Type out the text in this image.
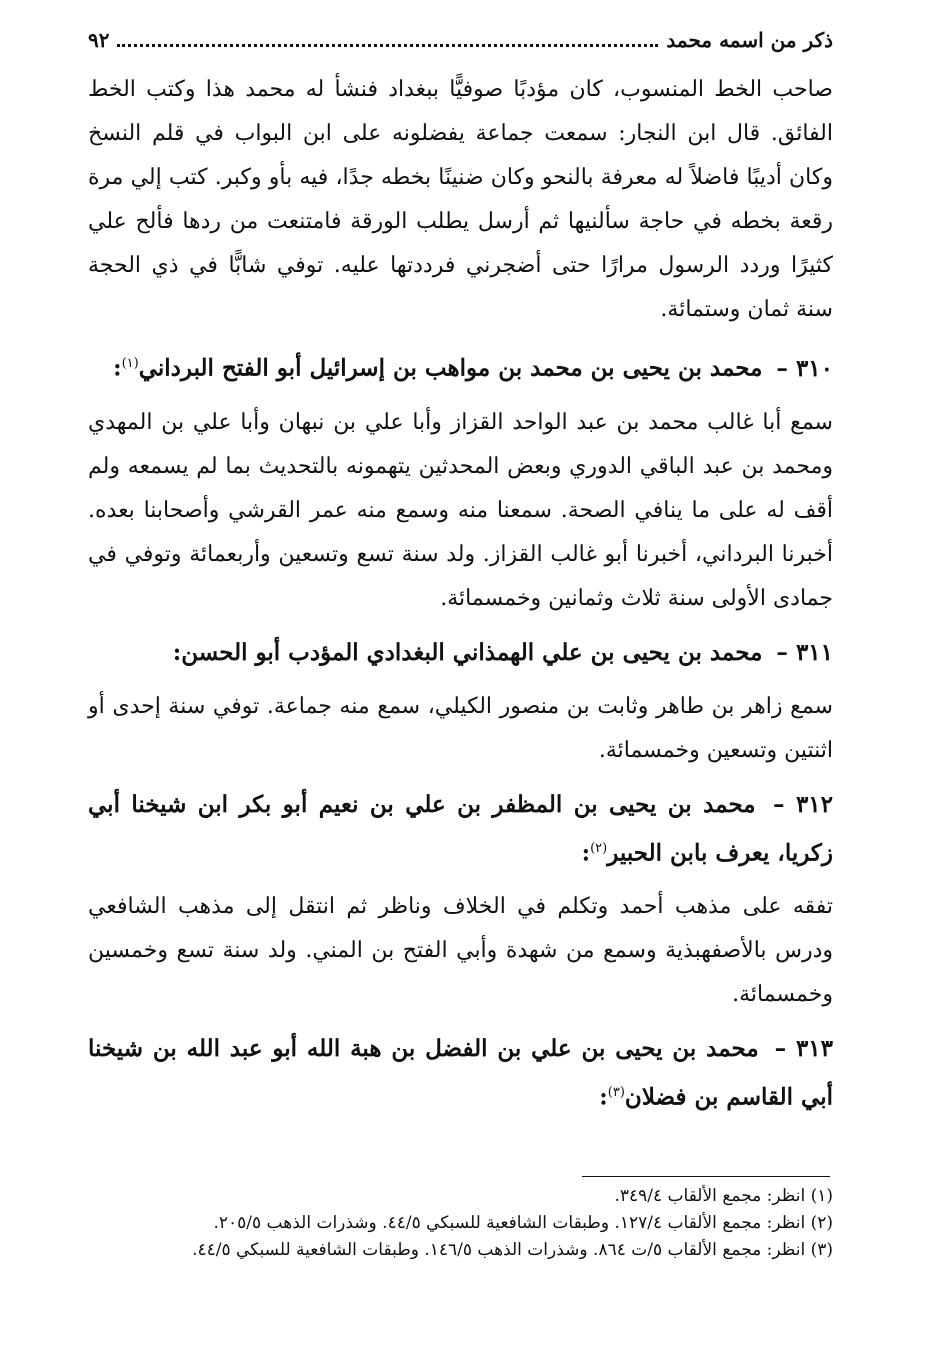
ذكر من اسمه محمد
٩٢

صاحب الخط المنسوب، كان مؤدبًا صوفيًّا ببغداد فنشأ له محمد هذا وكتب الخط الفائق. قال ابن النجار: سمعت جماعة يفضلونه على ابن البواب في قلم النسخ وكان أديبًا فاضلاً له معرفة بالنحو وكان ضنينًا بخطه جدًا، فيه بأو وكبر. كتب إلي مرة رقعة بخطه في حاجة سألنيها ثم أرسل يطلب الورقة فامتنعت من ردها فألح علي كثيرًا وردد الرسول مرارًا حتى أضجرني فرددتها عليه. توفي شابًّا في ذي الحجة سنة ثمان وستمائة.

٣١٠ – محمد بن يحيى بن محمد بن مواهب بن إسرائيل أبو الفتح البرداني$^{(١)}$:

سمع أبا غالب محمد بن عبد الواحد القزاز وأبا علي بن نبهان وأبا علي بن المهدي ومحمد بن عبد الباقي الدوري وبعض المحدثين يتهمونه بالتحديث بما لم يسمعه ولم أقف له على ما ينافي الصحة. سمعنا منه وسمع منه عمر القرشي وأصحابنا بعده. أخبرنا البرداني، أخبرنا أبو غالب القزاز. ولد سنة تسع وتسعين وأربعمائة وتوفي في جمادى الأولى سنة ثلاث وثمانين وخمسمائة.

٣١١ – محمد بن يحيى بن علي الهمذاني البغدادي المؤدب أبو الحسن:

سمع زاهر بن طاهر وثابت بن منصور الكيلي، سمع منه جماعة. توفي سنة إحدى أو اثنتين وتسعين وخمسمائة.

٣١٢ – محمد بن يحيى بن المظفر بن علي بن نعيم أبو بكر ابن شيخنا أبي زكريا، يعرف بابن الحبير$^{(٢)}$:

تفقه على مذهب أحمد وتكلم في الخلاف وناظر ثم انتقل إلى مذهب الشافعي ودرس بالأصفهبذية وسمع من شهدة وأبي الفتح بن المني. ولد سنة تسع وخمسين وخمسمائة.

٣١٣ – محمد بن يحيى بن علي بن الفضل بن هبة الله أبو عبد الله بن شيخنا أبي القاسم بن فضلان$^{(٣)}$:
(١) انظر: مجمع الألقاب ٣٤٩/٤.
(٢) انظر: مجمع الألقاب ١٢٧/٤. وطبقات الشافعية للسبكي ٤٤/٥. وشذرات الذهب ٢٠٥/٥.
(٣) انظر: مجمع الألقاب ٥/ت ٨٦٤. وشذرات الذهب ١٤٦/٥. وطبقات الشافعية للسبكي ٤٤/٥.
